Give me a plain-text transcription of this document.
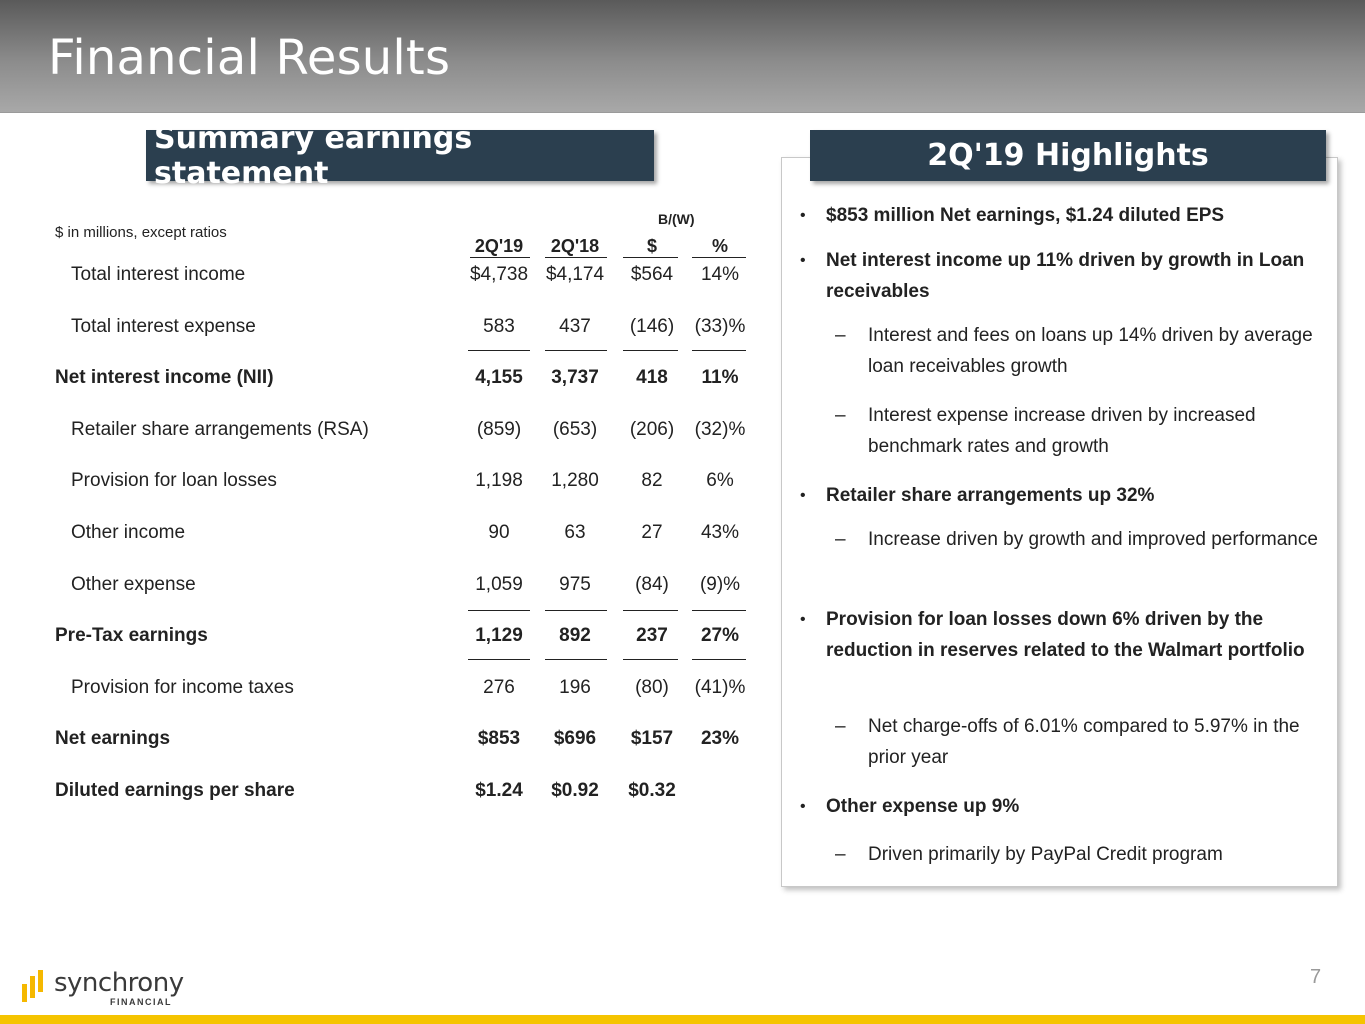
Financial Results
Summary earnings statement	2Q'19 Highlights
$ in millions, except ratios
B/(W)
2Q'19	2Q'18	$	%
Total interest income	$4,738 $4,174	$564	14%
Total interest expense	583	437	(146)	(33)%
Net interest income (NII)	4,155	3,737	418	11%
Retailer share arrangements (RSA)	(859)	(653)	(206)	(32)%
Provision for loan losses	1,198	1,280	82	6%
Other income	90	63	27	43%
Other expense	1,059	975	(84)	(9)%
Pre-Tax earnings	1,129	892	237	27%
Provision for income taxes	276	196	(80)	(41)%
Net earnings	$853	$696	$157	23%
Diluted earnings per share	$1.24	$0.92	$0.32
• $853 million Net earnings, $1.24 diluted EPS
• Net interest income up 11% driven by growth in Loan receivables
– Interest and fees on loans up 14% driven by average loan receivables growth
– Interest expense increase driven by increased benchmark rates and growth
• Retailer share arrangements up 32%
– Increase driven by growth and improved performance
• Provision for loan losses down 6% driven by the reduction in reserves related to the Walmart portfolio
– Net charge-offs of 6.01% compared to 5.97% in the prior year
• Other expense up 9%
– Driven primarily by PayPal Credit program
synchrony
FINANCIAL
7
